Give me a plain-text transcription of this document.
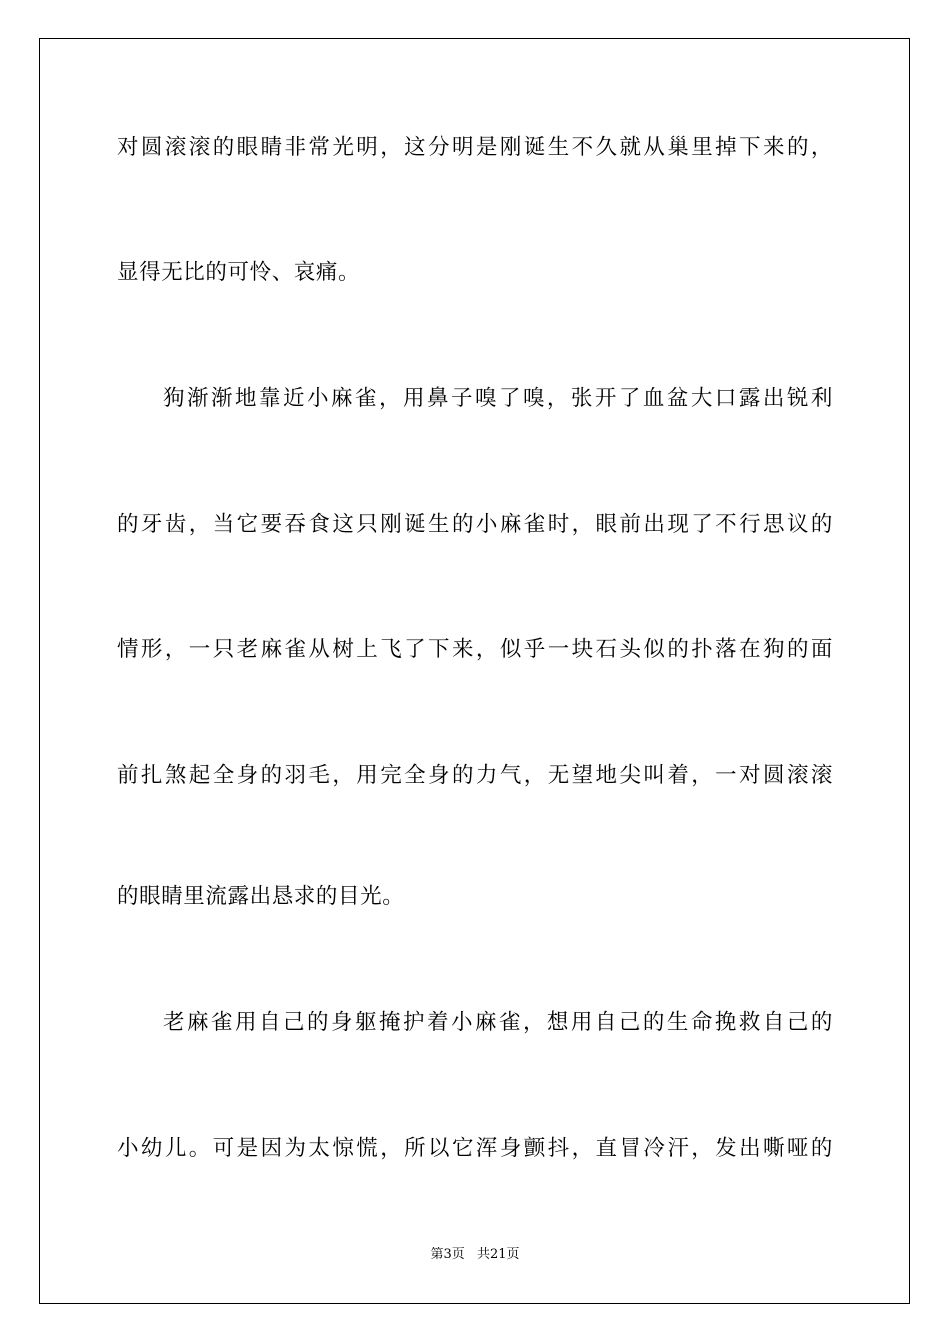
对圆滚滚的眼睛非常光明，这分明是刚诞生不久就从巢里掉下来的，
显得无比的可怜、哀痛。
狗渐渐地靠近小麻雀，用鼻子嗅了嗅，张开了血盆大口露出锐利
的牙齿，当它要吞食这只刚诞生的小麻雀时，眼前出现了不行思议的
情形，一只老麻雀从树上飞了下来，似乎一块石头似的扑落在狗的面
前扎煞起全身的羽毛，用完全身的力气，无望地尖叫着，一对圆滚滚
的眼睛里流露出恳求的目光。
老麻雀用自己的身躯掩护着小麻雀，想用自己的生命挽救自己的
小幼儿。可是因为太惊慌，所以它浑身颤抖，直冒冷汗，发出嘶哑的
第3页 共21页
